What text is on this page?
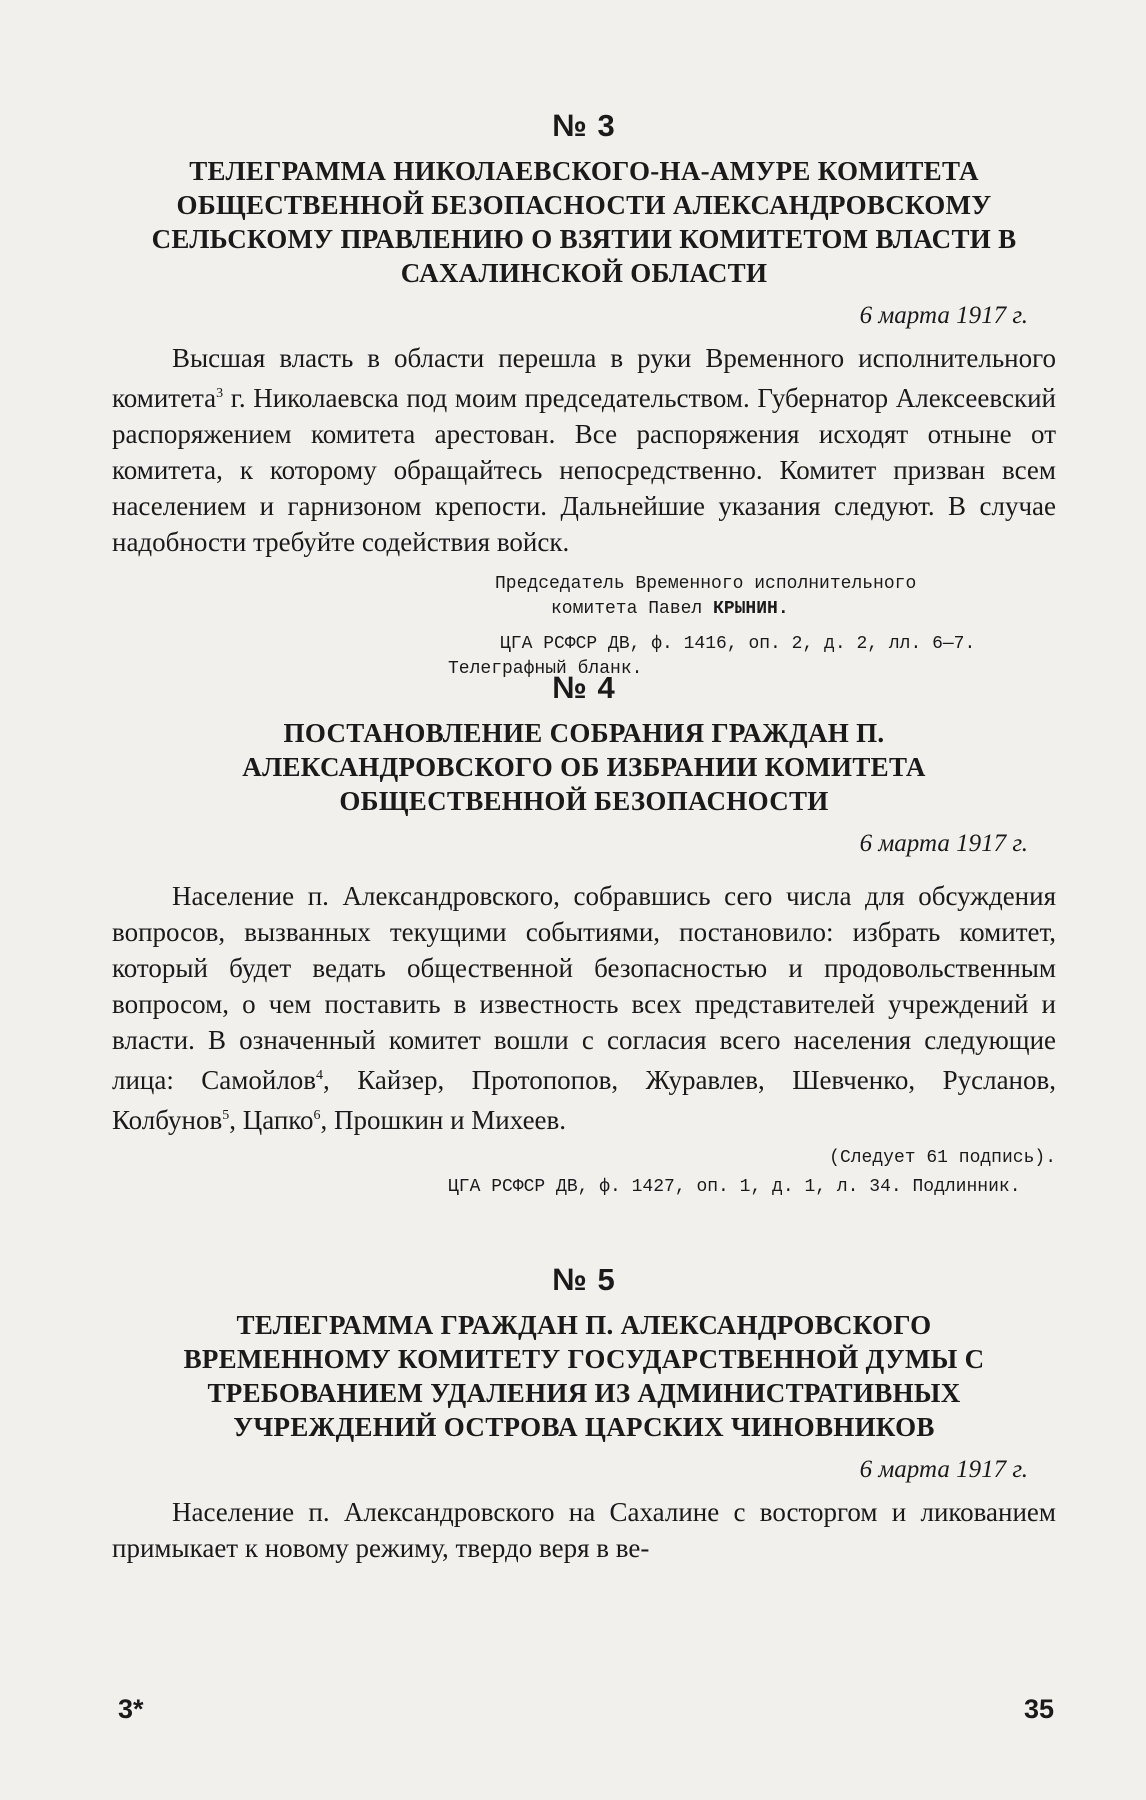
№ 3
ТЕЛЕГРАММА НИКОЛАЕВСКОГО-НА-АМУРЕ КОМИТЕТА ОБЩЕСТВЕННОЙ БЕЗОПАСНОСТИ АЛЕКСАНДРОВСКОМУ СЕЛЬСКОМУ ПРАВЛЕНИЮ О ВЗЯТИИ КОМИТЕТОМ ВЛАСТИ В САХАЛИНСКОЙ ОБЛАСТИ
6 марта 1917 г.

Высшая власть в области перешла в руки Временного исполнительного комитета$^3$ г. Николаевска под моим председательством. Губернатор Алексеевский распоряжением комитета арестован. Все распоряжения исходят отныне от комитета, к которому обращайтесь непосредственно. Комитет призван всем населением и гарнизоном крепости. Дальнейшие указания следуют. В случае надобности требуйте содействия войск.

Председатель Временного исполнительного
комитета Павел КРЫНИН.
ЦГА РСФСР ДВ, ф. 1416, оп. 2, д. 2, лл. 6—7.
Телеграфный бланк.
№ 4
ПОСТАНОВЛЕНИЕ СОБРАНИЯ ГРАЖДАН П. АЛЕКСАНДРОВСКОГО ОБ ИЗБРАНИИ КОМИТЕТА ОБЩЕСТВЕННОЙ БЕЗОПАСНОСТИ
6 марта 1917 г.

Население п. Александровского, собравшись сего числа для обсуждения вопросов, вызванных текущими событиями, постановило: избрать комитет, который будет ведать общественной безопасностью и продовольственным вопросом, о чем поставить в известность всех представителей учреждений и власти. В означенный комитет вошли с согласия всего населения следующие лица: Самойлов$^4$, Кайзер, Протопопов, Журавлев, Шевченко, Русланов, Колбунов$^5$, Цапко$^6$, Прошкин и Михеев.

(Следует 61 подпись).
ЦГА РСФСР ДВ, ф. 1427, оп. 1, д. 1, л. 34. Подлинник.
№ 5
ТЕЛЕГРАММА ГРАЖДАН П. АЛЕКСАНДРОВСКОГО ВРЕМЕННОМУ КОМИТЕТУ ГОСУДАРСТВЕННОЙ ДУМЫ С ТРЕБОВАНИЕМ УДАЛЕНИЯ ИЗ АДМИНИСТРАТИВНЫХ УЧРЕЖДЕНИЙ ОСТРОВА ЦАРСКИХ ЧИНОВНИКОВ
6 марта 1917 г.

Население п. Александровского на Сахалине с восторгом и ликованием примыкает к новому режиму, твердо веря в ве-

3*	35
